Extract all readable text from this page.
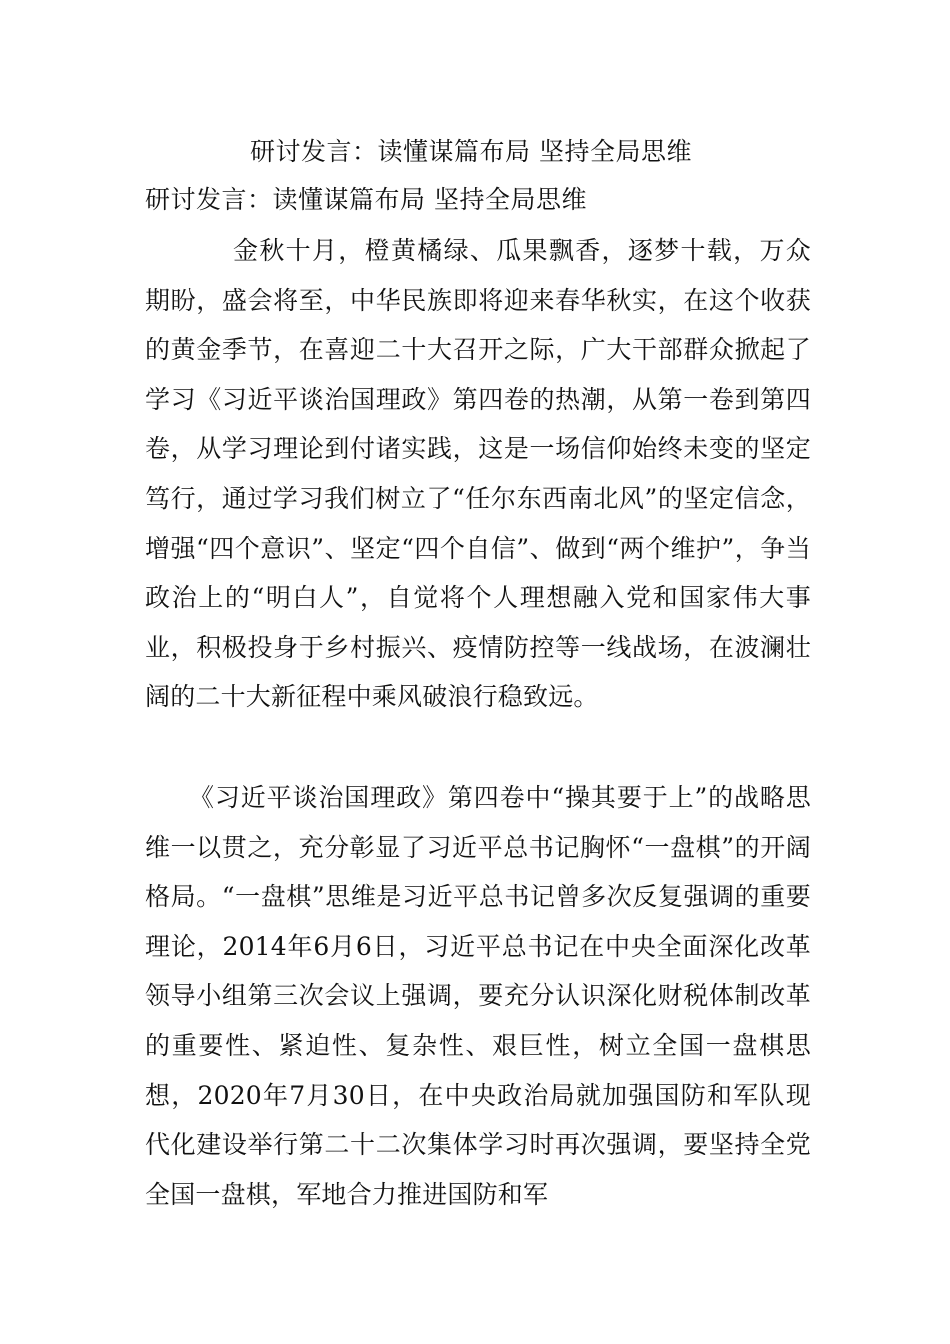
研讨发言：读懂谋篇布局 坚持全局思维
研讨发言：读懂谋篇布局 坚持全局思维

金秋十月，橙黄橘绿、瓜果飘香，逐梦十载，万众期盼，盛会将至，中华民族即将迎来春华秋实，在这个收获的黄金季节，在喜迎二十大召开之际，广大干部群众掀起了学习《习近平谈治国理政》第四卷的热潮，从第一卷到第四卷，从学习理论到付诸实践，这是一场信仰始终未变的坚定笃行，通过学习我们树立了“任尔东西南北风”的坚定信念，增强“四个意识”、坚定“四个自信”、做到“两个维护”，争当政治上的“明白人”，自觉将个人理想融入党和国家伟大事业，积极投身于乡村振兴、疫情防控等一线战场，在波澜壮阔的二十大新征程中乘风破浪行稳致远。

《习近平谈治国理政》第四卷中“操其要于上”的战略思维一以贯之，充分彰显了习近平总书记胸怀“一盘棋”的开阔格局。“一盘棋”思维是习近平总书记曾多次反复强调的重要理论，2014年6月6日，习近平总书记在中央全面深化改革领导小组第三次会议上强调，要充分认识深化财税体制改革的重要性、紧迫性、复杂性、艰巨性，树立全国一盘棋思想，2020年7月30日，在中央政治局就加强国防和军队现代化建设举行第二十二次集体学习时再次强调，要坚持全党全国一盘棋，军地合力推进国防和军
